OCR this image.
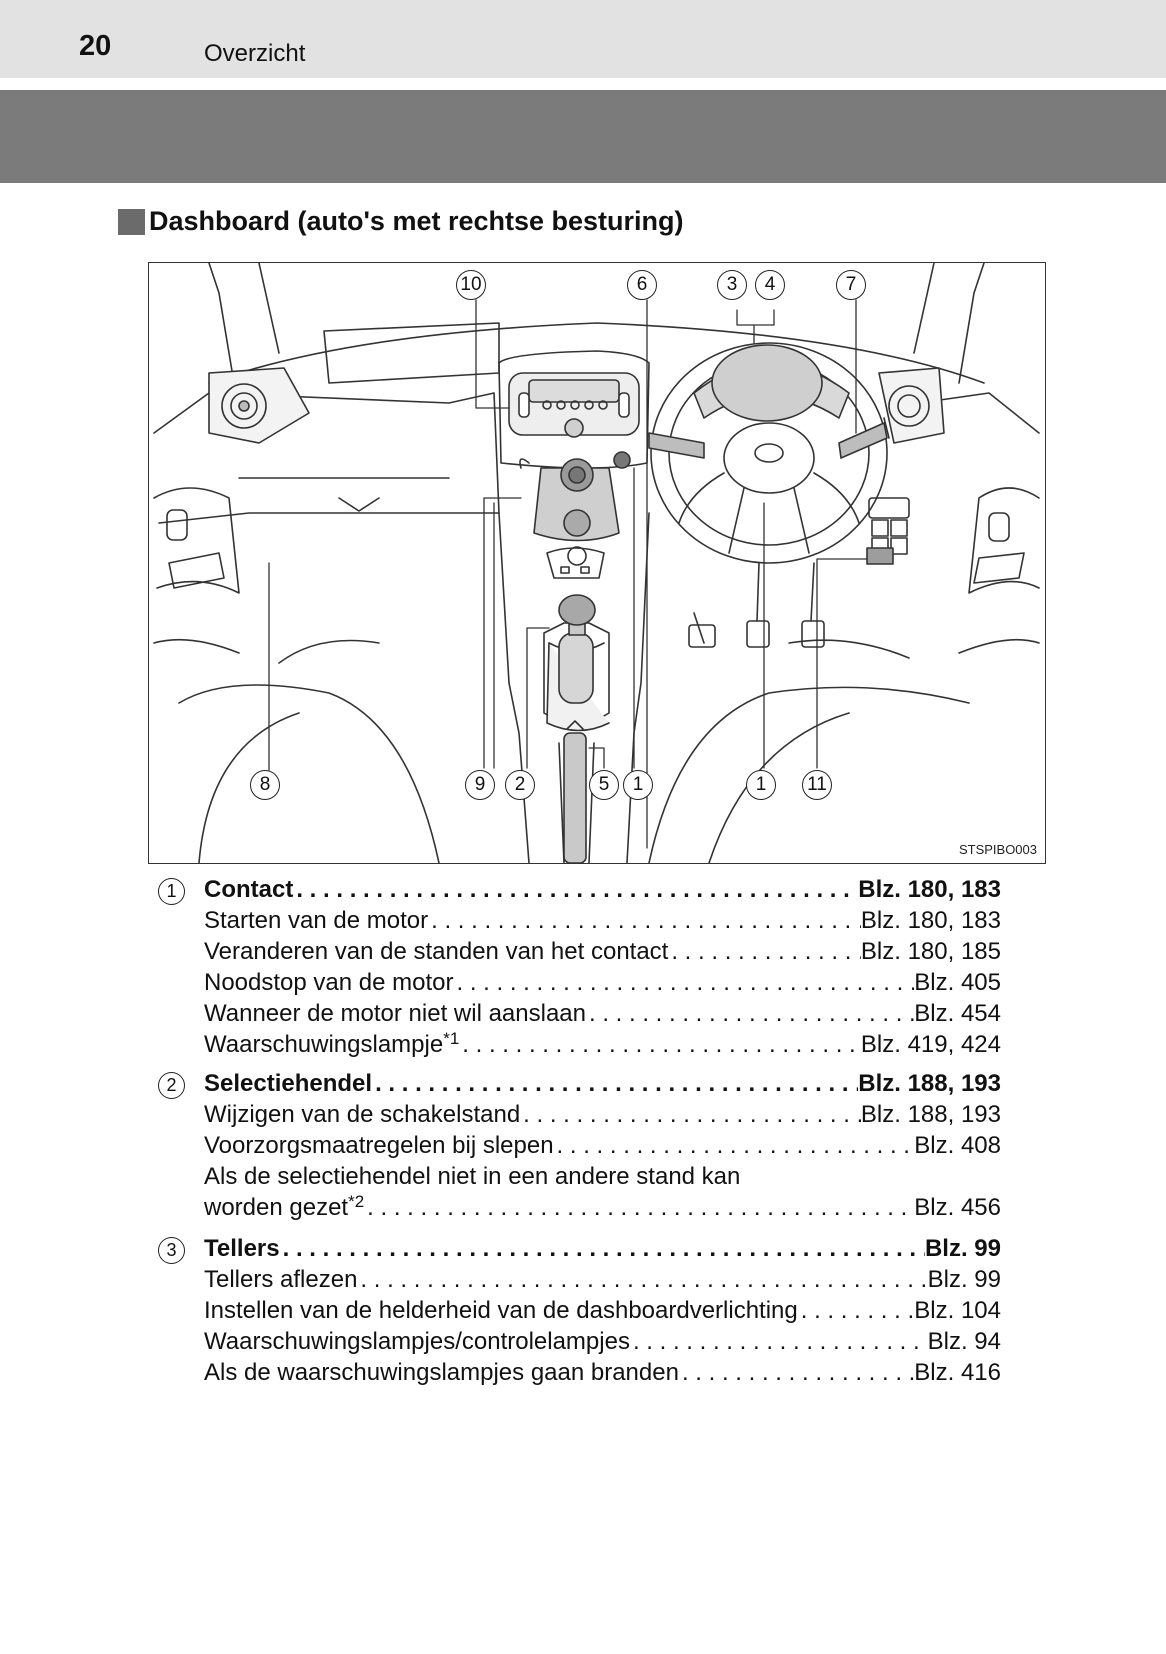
20	Overzicht
Dashboard (auto's met rechtse besturing)
10	6	3	4	7
8	9	2	5	1	1	11
STSPIBO003
1	Contact . . .	Blz. 180, 183
Starten van de motor . . .	Blz. 180, 183
Veranderen van de standen van het contact . . .	Blz. 180, 185
Noodstop van de motor . . .	Blz. 405
Wanneer de motor niet wil aanslaan . . .	Blz. 454
Waarschuwingslampje$^{*1}$ . . .	Blz. 419, 424
2	Selectiehendel . . .	Blz. 188, 193
Wijzigen van de schakelstand . . .	Blz. 188, 193
Voorzorgsmaatregelen bij slepen . . .	Blz. 408
Als de selectiehendel niet in een andere stand kan
worden gezet$^{*2}$ . . .	Blz. 456
3	Tellers . . .	Blz. 99
Tellers aflezen . . .	Blz. 99
Instellen van de helderheid van de dashboardverlichting . . .	Blz. 104
Waarschuwingslampjes/controlelampjes . . .	Blz. 94
Als de waarschuwingslampjes gaan branden . . .	Blz. 416
